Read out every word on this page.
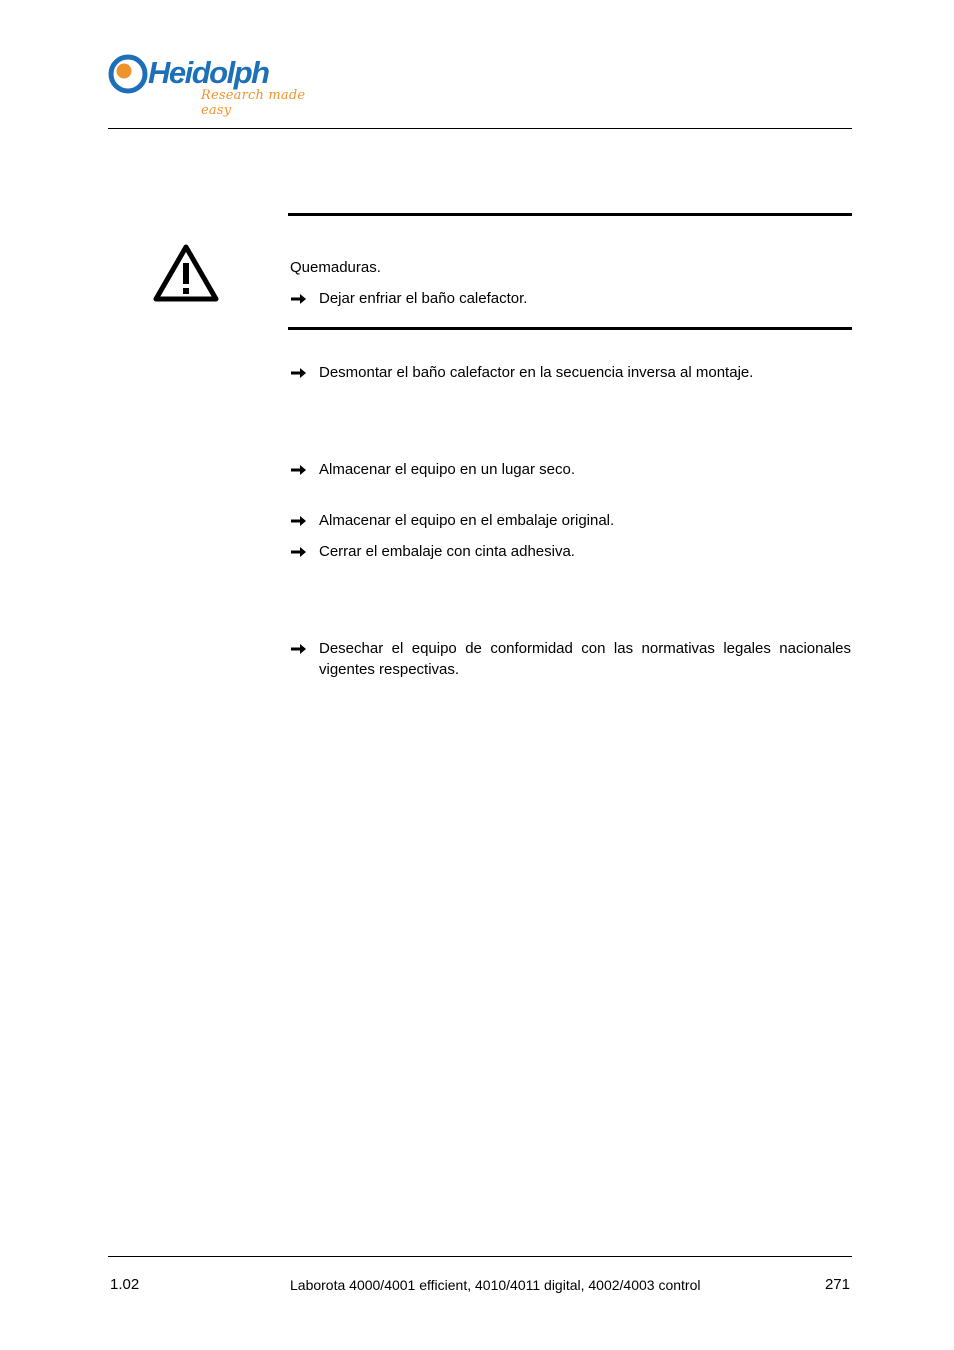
Heidolph
Research made easy
Quemaduras.
Dejar enfriar el baño calefactor.
Desmontar el baño calefactor en la secuencia inversa al montaje.
Almacenar el equipo en un lugar seco.
Almacenar el equipo en el embalaje original.
Cerrar el embalaje con cinta adhesiva.
Desechar el equipo de conformidad con las normativas legales nacionales vigentes respectivas.
1.02	Laborota 4000/4001 efficient, 4010/4011 digital, 4002/4003 control	271
